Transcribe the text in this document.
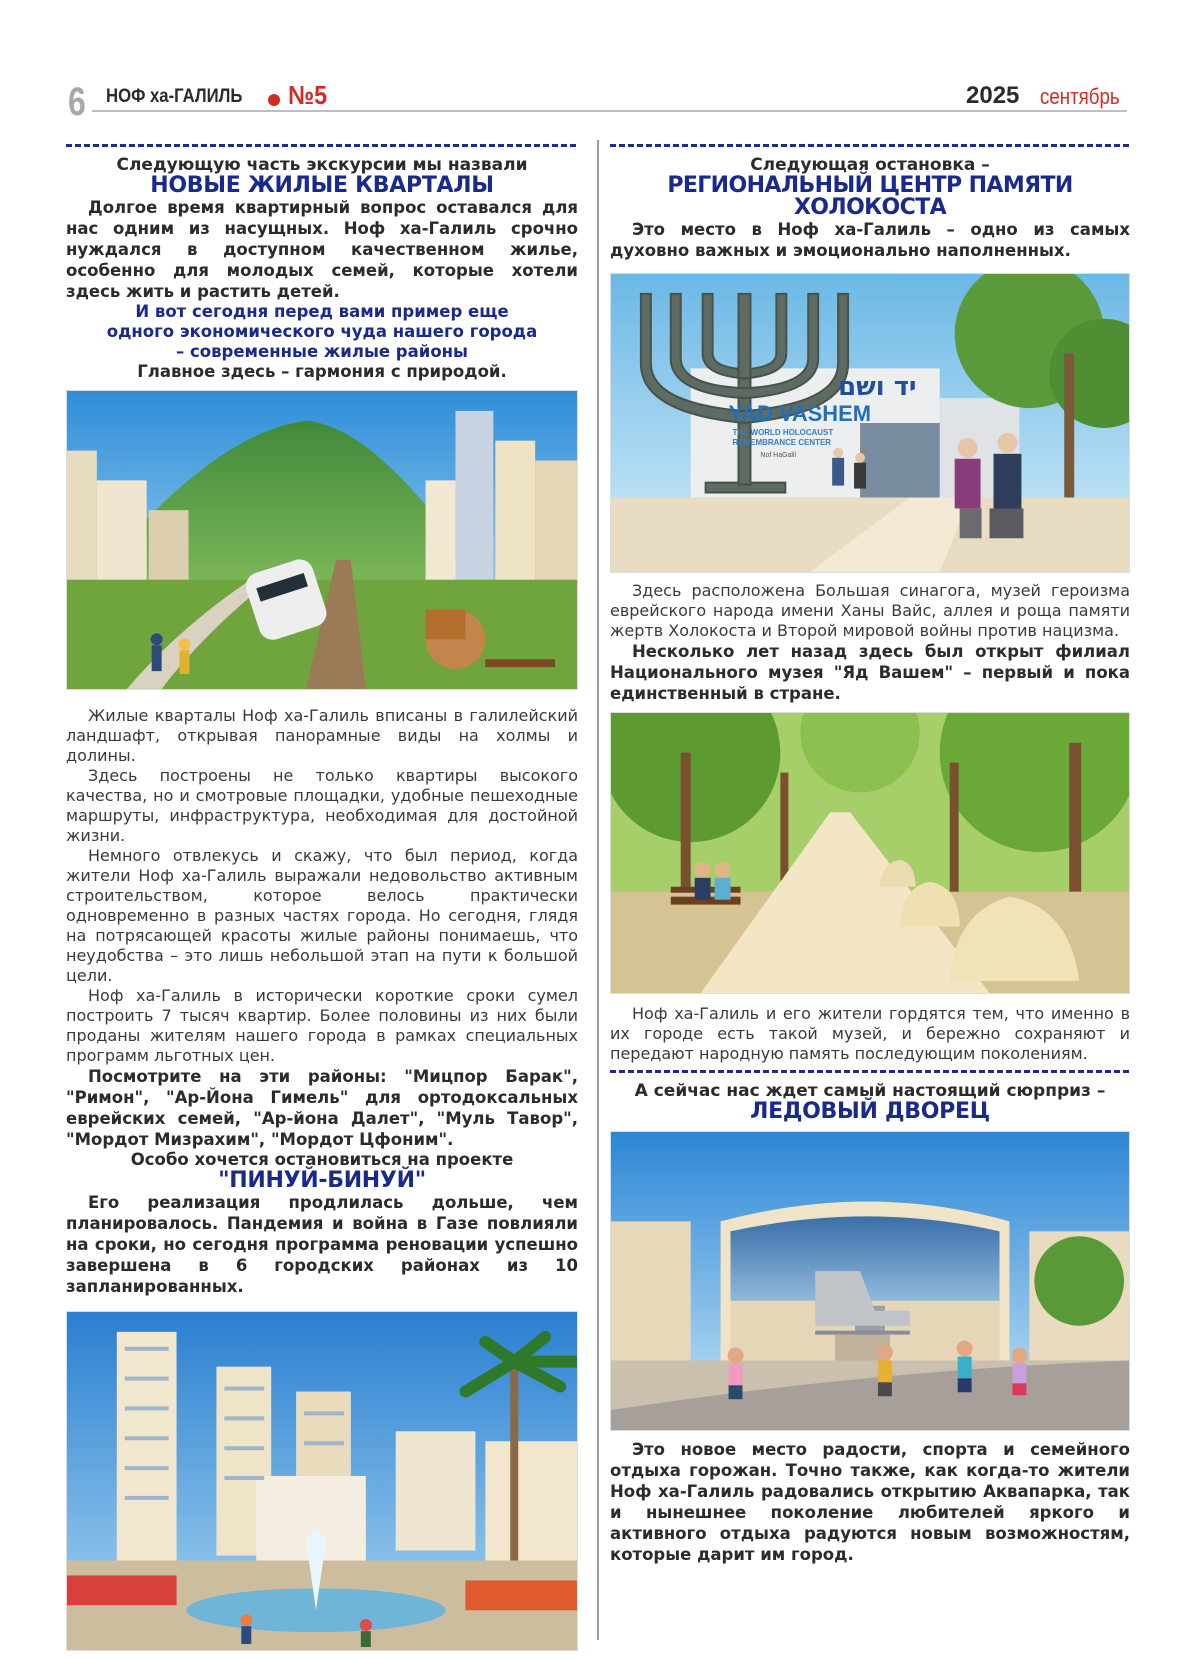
6 НОФ ха-ГАЛИЛЬ №5	2025 сентябрь
Следующую часть экскурсии мы назвали
НОВЫЕ ЖИЛЫЕ КВАРТАЛЫ

Долгое время квартирный вопрос оставался для нас одним из насущных. Ноф ха-Галиль срочно нуждался в доступном качественном жилье, особенно для молодых семей, которые хотели здесь жить и растить детей.

И вот сегодня перед вами пример еще одного экономического чуда нашего города – современные жилые районы

Главное здесь – гармония с природой.

Жилые кварталы Ноф ха-Галиль вписаны в галилейский ландшафт, открывая панорамные виды на холмы и долины.

Здесь построены не только квартиры высокого качества, но и смотровые площадки, удобные пешеходные маршруты, инфраструктура, необходимая для достойной жизни.

Немного отвлекусь и скажу, что был период, когда жители Ноф ха-Галиль выражали недовольство активным строительством, которое велось практически одновременно в разных частях города. Но сегодня, глядя на потрясающей красоты жилые районы понимаешь, что неудобства – это лишь небольшой этап на пути к большой цели.

Ноф ха-Галиль в исторически короткие сроки сумел построить 7 тысяч квартир. Более половины из них были проданы жителям нашего города в рамках специальных программ льготных цен.

Посмотрите на эти районы: "Мицпор Барак", "Римон", "Ар-Йона Гимель" для ортодоксальных еврейских семей, "Ар-йона Далет", "Муль Тавор", "Мордот Мизрахим", "Мордот Цфоним".

Особо хочется остановиться на проекте

"ПИНУЙ-БИНУЙ"

Его реализация продлилась дольше, чем планировалось. Пандемия и война в Газе повлияли на сроки, но сегодня программа реновации успешно завершена в 6 городских районах из 10 запланированных.

Следующая остановка –
РЕГИОНАЛЬНЫЙ ЦЕНТР ПАМЯТИ ХОЛОКОСТА

Это место в Ноф ха-Галиль – одно из самых духовно важных и эмоционально наполненных.

יד ושם
YAD VASHEM
THE WORLD HOLOCAUST
REMEMBRANCE CENTER
Nof HaGalil

Здесь расположена Большая синагога, музей героизма еврейского народа имени Ханы Вайс, аллея и роща памяти жертв Холокоста и Второй мировой войны против нацизма.

Несколько лет назад здесь был открыт филиал Национального музея "Яд Вашем" – первый и пока единственный в стране.

Ноф ха-Галиль и его жители гордятся тем, что именно в их городе есть такой музей, и бережно сохраняют и передают народную память последующим поколениям.

А сейчас нас ждет самый настоящий сюрприз –
ЛЕДОВЫЙ ДВОРЕЦ

Это новое место радости, спорта и семейного отдыха горожан. Точно также, как когда-то жители Ноф ха-Галиль радовались открытию Аквапарка, так и нынешнее поколение любителей яркого и активного отдыха радуются новым возможностям, которые дарит им город.
